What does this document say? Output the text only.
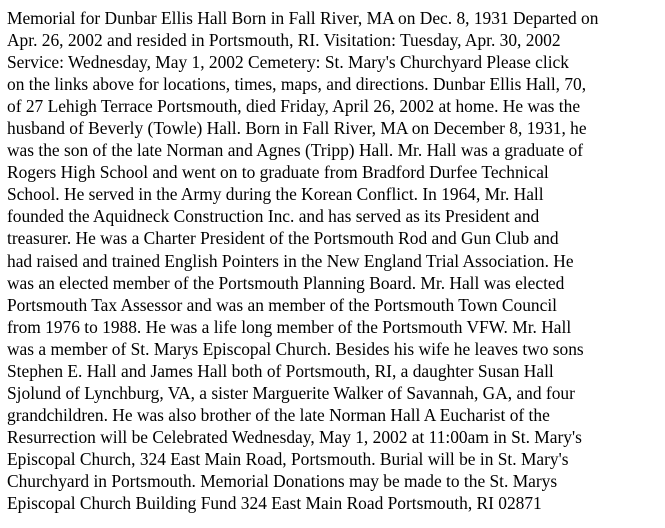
Memorial for Dunbar Ellis Hall Born in Fall River, MA on Dec. 8, 1931 Departed on
Apr. 26, 2002 and resided in Portsmouth, RI. Visitation: Tuesday, Apr. 30, 2002
Service: Wednesday, May 1, 2002 Cemetery: St. Mary's Churchyard Please click
on the links above for locations, times, maps, and directions. Dunbar Ellis Hall, 70,
of 27 Lehigh Terrace Portsmouth, died Friday, April 26, 2002 at home. He was the
husband of Beverly (Towle) Hall. Born in Fall River, MA on December 8, 1931, he
was the son of the late Norman and Agnes (Tripp) Hall. Mr. Hall was a graduate of
Rogers High School and went on to graduate from Bradford Durfee Technical
School. He served in the Army during the Korean Conflict. In 1964, Mr. Hall
founded the Aquidneck Construction Inc. and has served as its President and
treasurer. He was a Charter President of the Portsmouth Rod and Gun Club and
had raised and trained English Pointers in the New England Trial Association. He
was an elected member of the Portsmouth Planning Board. Mr. Hall was elected
Portsmouth Tax Assessor and was an member of the Portsmouth Town Council
from 1976 to 1988. He was a life long member of the Portsmouth VFW. Mr. Hall
was a member of St. Marys Episcopal Church. Besides his wife he leaves two sons
Stephen E. Hall and James Hall both of Portsmouth, RI, a daughter Susan Hall
Sjolund of Lynchburg, VA, a sister Marguerite Walker of Savannah, GA, and four
grandchildren. He was also brother of the late Norman Hall A Eucharist of the
Resurrection will be Celebrated Wednesday, May 1, 2002 at 11:00am in St. Mary's
Episcopal Church, 324 East Main Road, Portsmouth. Burial will be in St. Mary's
Churchyard in Portsmouth. Memorial Donations may be made to the St. Marys
Episcopal Church Building Fund 324 East Main Road Portsmouth, RI 02871
